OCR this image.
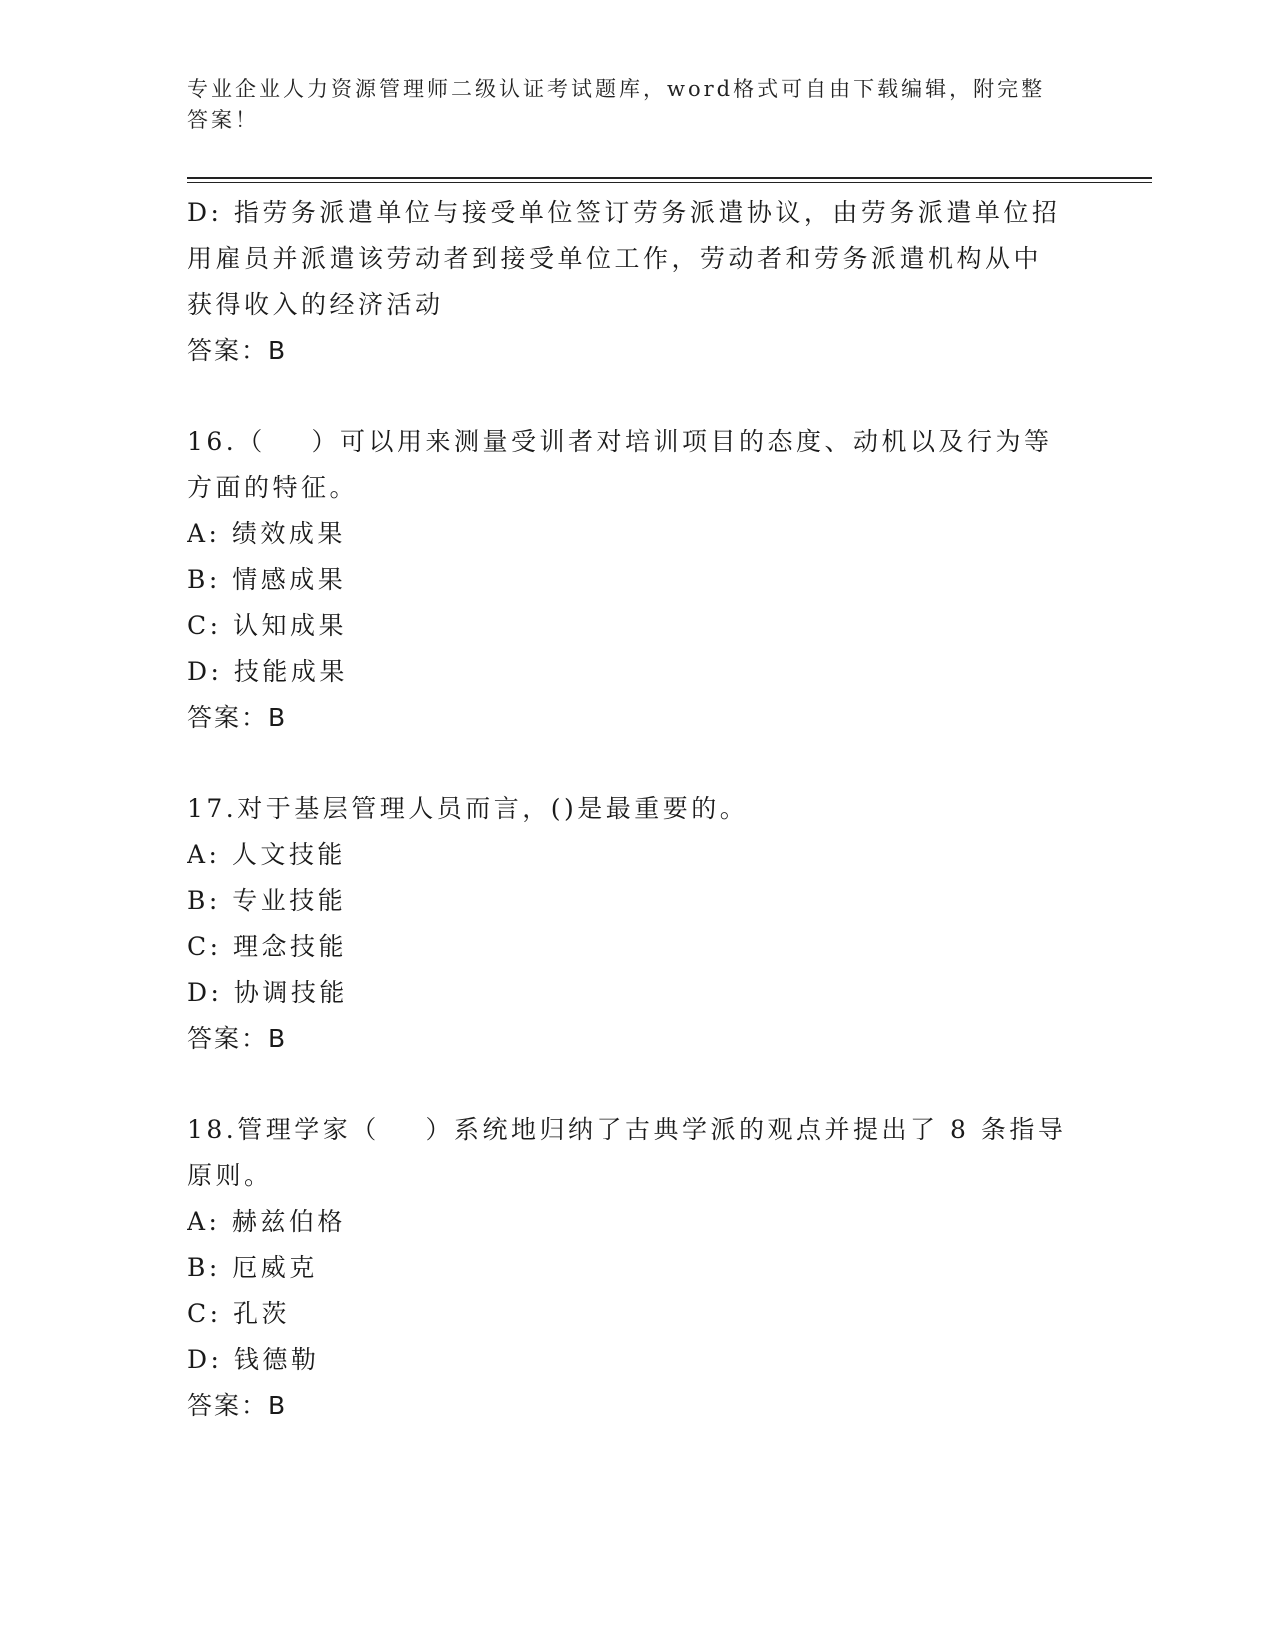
专业企业人力资源管理师二级认证考试题库，word格式可自由下载编辑，附完整
答案！
D: 指劳务派遣单位与接受单位签订劳务派遣协议，由劳务派遣单位招
用雇员并派遣该劳动者到接受单位工作，劳动者和劳务派遣机构从中
获得收入的经济活动
答案：B
16.（    ）可以用来测量受训者对培训项目的态度、动机以及行为等
方面的特征。
A: 绩效成果
B: 情感成果
C: 认知成果
D: 技能成果
答案：B
17.对于基层管理人员而言，()是最重要的。
A: 人文技能
B: 专业技能
C: 理念技能
D: 协调技能
答案：B
18.管理学家（    ）系统地归纳了古典学派的观点并提出了 8 条指导
原则。
A: 赫兹伯格
B: 厄威克
C: 孔茨
D: 钱德勒
答案：B
